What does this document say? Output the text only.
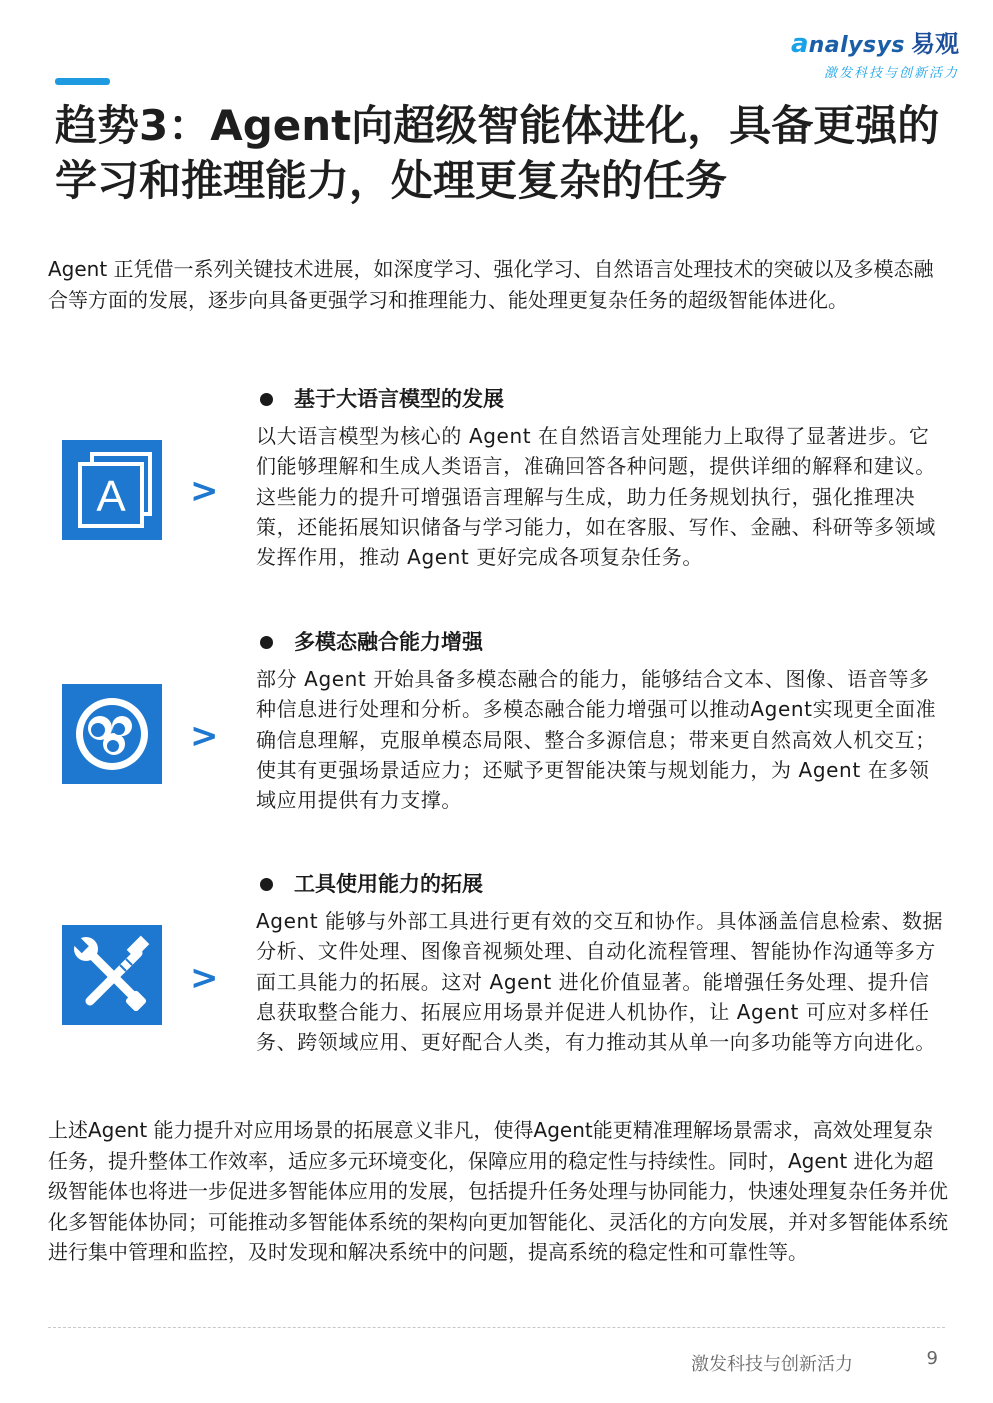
analysys 易观
激发科技与创新活力
趋势3：Agent向超级智能体进化，具备更强的学习和推理能力，处理更复杂的任务

Agent 正凭借一系列关键技术进展，如深度学习、强化学习、自然语言处理技术的突破以及多模态融合等方面的发展，逐步向具备更强学习和推理能力、能处理更复杂任务的超级智能体进化。

A >
基于大语言模型的发展

以大语言模型为核心的 Agent 在自然语言处理能力上取得了显著进步。它们能够理解和生成人类语言，准确回答各种问题，提供详细的解释和建议。这些能力的提升可增强语言理解与生成，助力任务规划执行，强化推理决策，还能拓展知识储备与学习能力，如在客服、写作、金融、科研等多领域发挥作用，推动 Agent 更好完成各项复杂任务。

>
多模态融合能力增强

部分 Agent 开始具备多模态融合的能力，能够结合文本、图像、语音等多种信息进行处理和分析。多模态融合能力增强可以推动Agent实现更全面准确信息理解，克服单模态局限、整合多源信息；带来更自然高效人机交互；使其有更强场景适应力；还赋予更智能决策与规划能力，为 Agent 在多领域应用提供有力支撑。

>
工具使用能力的拓展

Agent 能够与外部工具进行更有效的交互和协作。具体涵盖信息检索、数据分析、文件处理、图像音视频处理、自动化流程管理、智能协作沟通等多方面工具能力的拓展。这对 Agent 进化价值显著。能增强任务处理、提升信息获取整合能力、拓展应用场景并促进人机协作，让 Agent 可应对多样任务、跨领域应用、更好配合人类，有力推动其从单一向多功能等方向进化。

上述Agent 能力提升对应用场景的拓展意义非凡，使得Agent能更精准理解场景需求，高效处理复杂任务，提升整体工作效率，适应多元环境变化，保障应用的稳定性与持续性。同时，Agent 进化为超级智能体也将进一步促进多智能体应用的发展，包括提升任务处理与协同能力，快速处理复杂任务并优化多智能体协同；可能推动多智能体系统的架构向更加智能化、灵活化的方向发展，并对多智能体系统进行集中管理和监控，及时发现和解决系统中的问题，提高系统的稳定性和可靠性等。

激发科技与创新活力	9
